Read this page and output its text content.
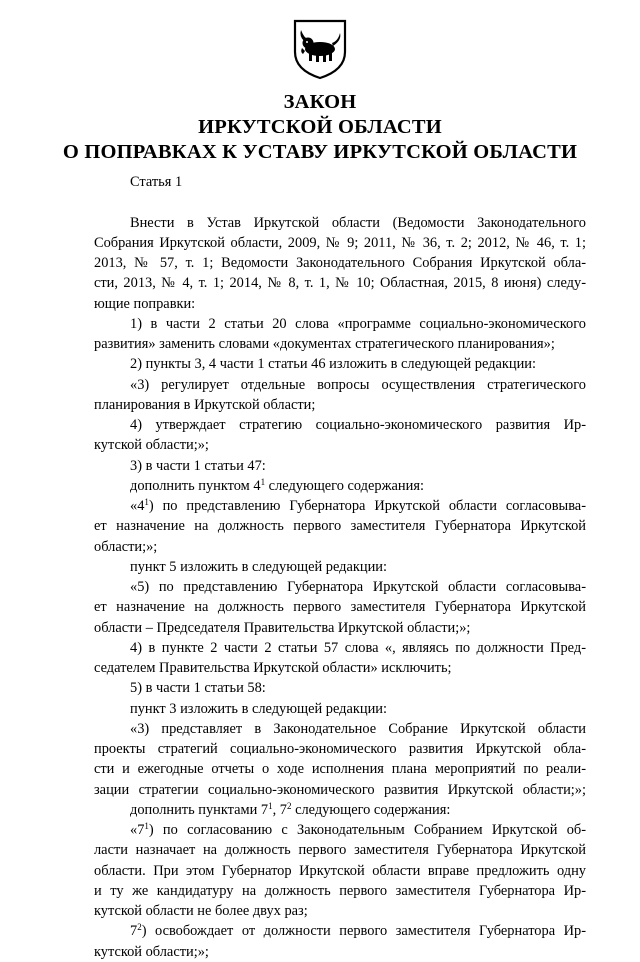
ЗАКОН
ИРКУТСКОЙ ОБЛАСТИ
О ПОПРАВКАХ К УСТАВУ ИРКУТСКОЙ ОБЛАСТИ
Статья 1
Внести в Устав Иркутской области (Ведомости Законодательного
Собрания Иркутской области, 2009, № 9; 2011, № 36, т. 2; 2012, № 46, т. 1;
2013, № 57, т. 1; Ведомости Законодательного Собрания Иркутской обла-
сти, 2013, № 4, т. 1; 2014, № 8, т. 1, № 10; Областная, 2015, 8 июня) следу-
ющие поправки:
1) в части 2 статьи 20 слова «программе социально-экономического
развития» заменить словами «документах стратегического планирования»;
2) пункты 3, 4 части 1 статьи 46 изложить в следующей редакции:
«3) регулирует отдельные вопросы осуществления стратегического
планирования в Иркутской области;
4) утверждает стратегию социально-экономического развития Ир-
кутской области;»;
3) в части 1 статьи 47:
дополнить пунктом $4^1$ следующего содержания:
«$4^1$) по представлению Губернатора Иркутской области согласовыва-
ет назначение на должность первого заместителя Губернатора Иркутской
области;»;
пункт 5 изложить в следующей редакции:
«5) по представлению Губернатора Иркутской области согласовыва-
ет назначение на должность первого заместителя Губернатора Иркутской
области – Председателя Правительства Иркутской области;»;
4) в пункте 2 части 2 статьи 57 слова «, являясь по должности Пред-
седателем Правительства Иркутской области» исключить;
5) в части 1 статьи 58:
пункт 3 изложить в следующей редакции:
«3) представляет в Законодательное Собрание Иркутской области
проекты стратегий социально-экономического развития Иркутской обла-
сти и ежегодные отчеты о ходе исполнения плана мероприятий по реали-
зации стратегии социально-экономического развития Иркутской области;»;
дополнить пунктами $7^1$, $7^2$ следующего содержания:
«$7^1$) по согласованию с Законодательным Собранием Иркутской об-
ласти назначает на должность первого заместителя Губернатора Иркутской
области. При этом Губернатор Иркутской области вправе предложить одну
и ту же кандидатуру на должность первого заместителя Губернатора Ир-
кутской области не более двух раз;
$7^2$) освобождает от должности первого заместителя Губернатора Ир-
кутской области;»;
